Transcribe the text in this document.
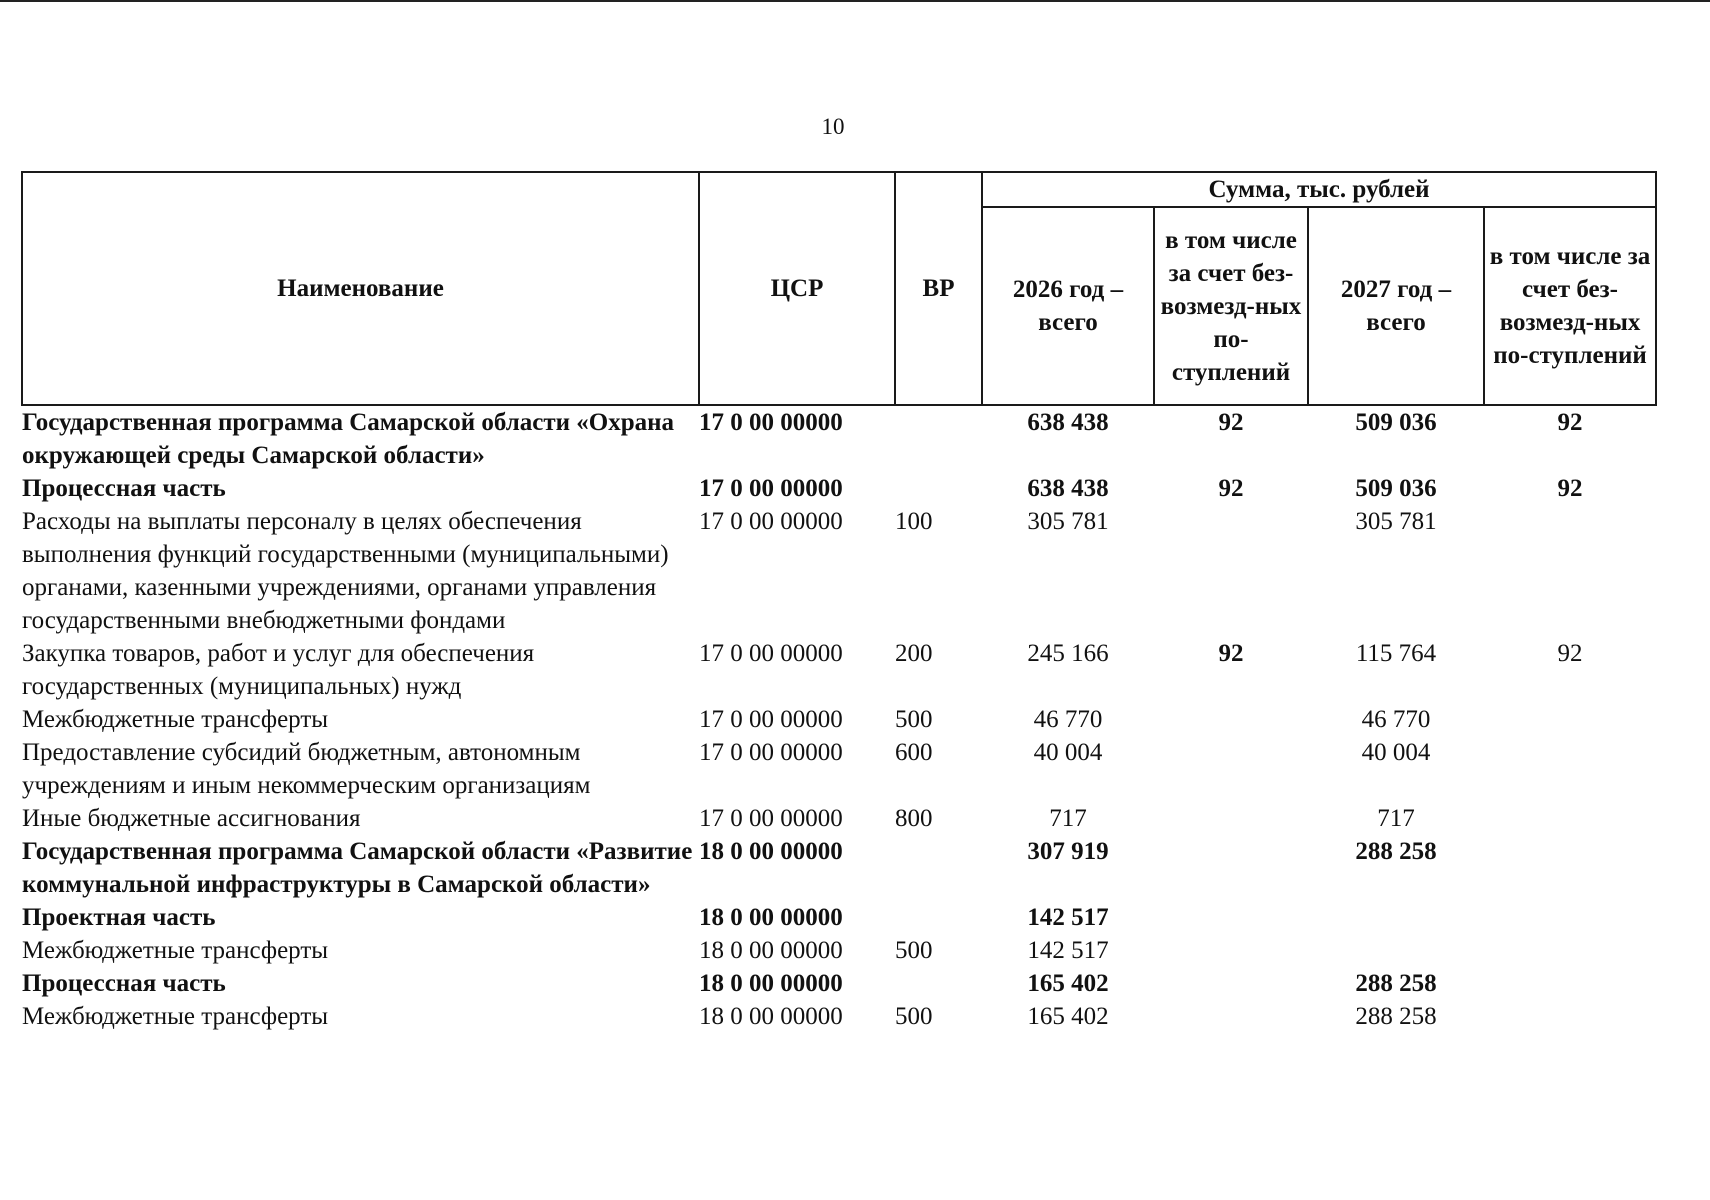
10
Наименование	ЦСР	ВР	Сумма, тыс. рублей			
			2026 год – всего	в том числе за счет без-возмезд-ных по-ступлений	2027 год – всего	в том числе за счет без-возмезд-ных по-ступлений
Государственная программа Самарской области «Охрана окружающей среды Самарской области»	17 0 00 00000		638 438	92	509 036	92
Процессная часть	17 0 00 00000		638 438	92	509 036	92
Расходы на выплаты персоналу в целях обеспечения выполнения функций государственными (муниципальными) органами, казенными учреждениями, органами управления государственными внебюджетными фондами	17 0 00 00000	100	305 781		305 781	
Закупка товаров, работ и услуг для обеспечения государственных (муниципальных) нужд	17 0 00 00000	200	245 166	92	115 764	92
Межбюджетные трансферты	17 0 00 00000	500	46 770		46 770	
Предоставление субсидий бюджетным, автономным учреждениям и иным некоммерческим организациям	17 0 00 00000	600	40 004		40 004	
Иные бюджетные ассигнования	17 0 00 00000	800	717		717	
Государственная программа Самарской области «Развитие коммунальной инфраструктуры в Самарской области»	18 0 00 00000		307 919		288 258	
Проектная часть	18 0 00 00000		142 517			
Межбюджетные трансферты	18 0 00 00000	500	142 517			
Процессная часть	18 0 00 00000		165 402		288 258	
Межбюджетные трансферты	18 0 00 00000	500	165 402		288 258	
